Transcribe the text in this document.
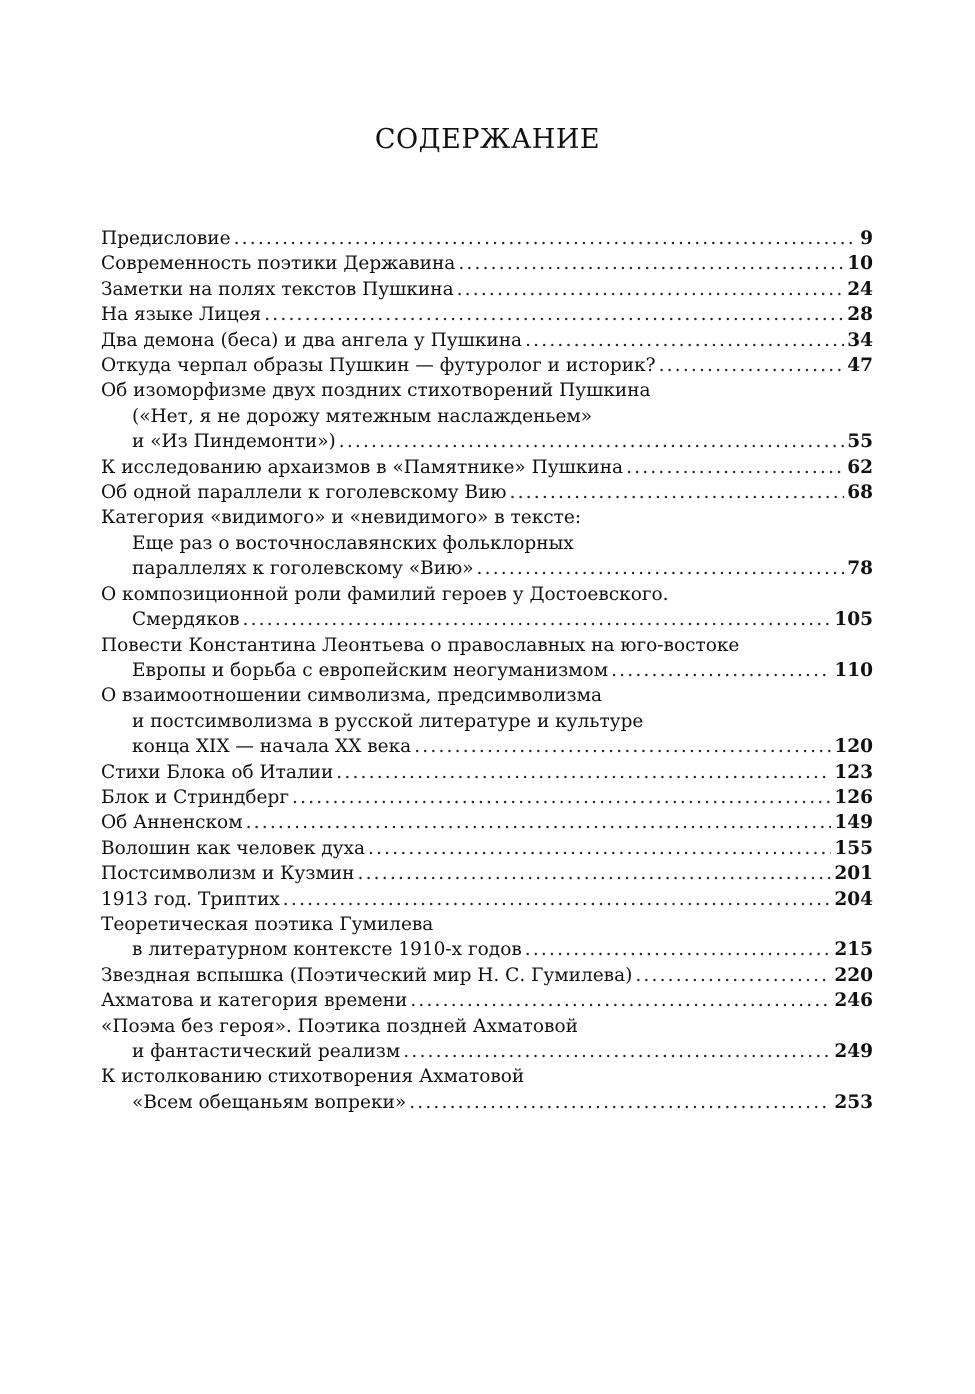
СОДЕРЖАНИЕ
Предисловие .....	9
Современность поэтики Державина .....	10
Заметки на полях текстов Пушкина .....	24
На языке Лицея .....	28
Два демона (беса) и два ангела у Пушкина .....	34
Откуда черпал образы Пушкин — футуролог и историк? .....	47
Об изоморфизме двух поздних стихотворений Пушкина
(«Нет, я не дорожу мятежным наслажденьем»
и «Из Пиндемонти») .....	55
К исследованию архаизмов в «Памятнике» Пушкина .....	62
Об одной параллели к гоголевскому Вию .....	68
Категория «видимого» и «невидимого» в тексте:
Еще раз о восточнославянских фольклорных
параллелях к гоголевскому «Вию» .....	78
О композиционной роли фамилий героев у Достоевского.
Смердяков .....	105
Повести Константина Леонтьева о православных на юго-востоке
Европы и борьба с европейским неогуманизмом .....	110
О взаимоотношении символизма, предсимволизма
и постсимволизма в русской литературе и культуре
конца XIX — начала XX века .....	120
Стихи Блока об Италии .....	123
Блок и Стриндберг .....	126
Об Анненском .....	149
Волошин как человек духа .....	155
Постсимволизм и Кузмин .....	201
1913 год. Триптих .....	204
Теоретическая поэтика Гумилева
в литературном контексте 1910-х годов .....	215
Звездная вспышка (Поэтический мир Н. С. Гумилева) .....	220
Ахматова и категория времени .....	246
«Поэма без героя». Поэтика поздней Ахматовой
и фантастический реализм .....	249
К истолкованию стихотворения Ахматовой
«Всем обещаньям вопреки» .....	253
